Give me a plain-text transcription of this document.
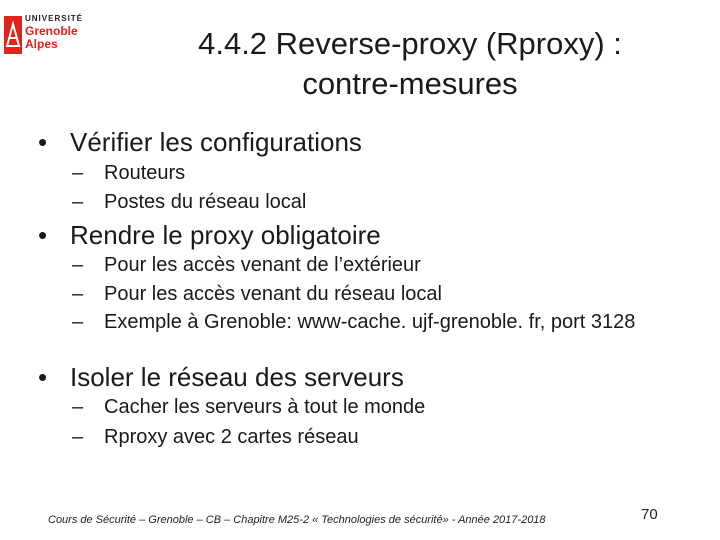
UNIVERSITÉ
Grenoble
Alpes	4.4.2 Reverse-proxy (Rproxy) :
contre-mesures
• Vérifier les configurations
– Routeurs
– Postes du réseau local
• Rendre le proxy obligatoire
– Pour les accès venant de l’extérieur
– Pour les accès venant du réseau local
– Exemple à Grenoble: www-cache. ujf-grenoble. fr, port 3128
• Isoler le réseau des serveurs
– Cacher les serveurs à tout le monde
– Rproxy avec 2 cartes réseau
Cours de Sécurité – Grenoble – CB – Chapitre M25-2 « Technologies de sécurité» - Année 2017-2018	70
